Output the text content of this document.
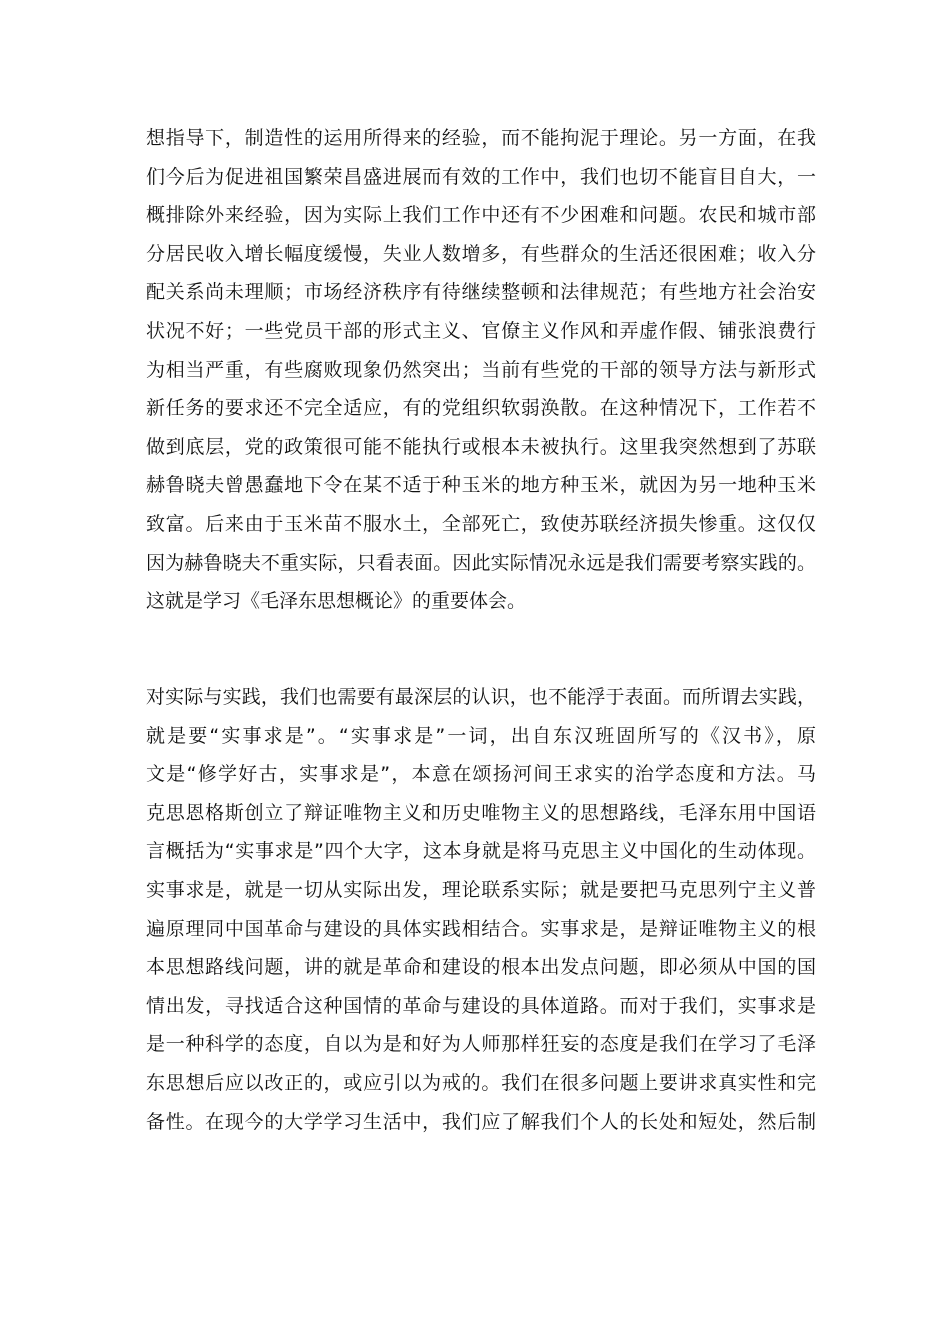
想指导下，制造性的运用所得来的经验，而不能拘泥于理论。另一方面，在我
们今后为促进祖国繁荣昌盛进展而有效的工作中，我们也切不能盲目自大，一
概排除外来经验，因为实际上我们工作中还有不少困难和问题。农民和城市部
分居民收入增长幅度缓慢，失业人数增多，有些群众的生活还很困难；收入分
配关系尚未理顺；市场经济秩序有待继续整顿和法律规范；有些地方社会治安
状况不好；一些党员干部的形式主义、官僚主义作风和弄虚作假、铺张浪费行
为相当严重，有些腐败现象仍然突出；当前有些党的干部的领导方法与新形式
新任务的要求还不完全适应，有的党组织软弱涣散。在这种情况下，工作若不
做到底层，党的政策很可能不能执行或根本未被执行。这里我突然想到了苏联
赫鲁晓夫曾愚蠢地下令在某不适于种玉米的地方种玉米，就因为另一地种玉米
致富。后来由于玉米苗不服水土，全部死亡，致使苏联经济损失惨重。这仅仅
因为赫鲁晓夫不重实际，只看表面。因此实际情况永远是我们需要考察实践的。
这就是学习《毛泽东思想概论》的重要体会。
对实际与实践，我们也需要有最深层的认识，也不能浮于表面。而所谓去实践，
就是要“实事求是”。“实事求是”一词，出自东汉班固所写的《汉书》，原
文是“修学好古，实事求是”，本意在颂扬河间王求实的治学态度和方法。马
克思恩格斯创立了辩证唯物主义和历史唯物主义的思想路线，毛泽东用中国语
言概括为“实事求是”四个大字，这本身就是将马克思主义中国化的生动体现。
实事求是，就是一切从实际出发，理论联系实际；就是要把马克思列宁主义普
遍原理同中国革命与建设的具体实践相结合。实事求是，是辩证唯物主义的根
本思想路线问题，讲的就是革命和建设的根本出发点问题，即必须从中国的国
情出发，寻找适合这种国情的革命与建设的具体道路。而对于我们，实事求是
是一种科学的态度，自以为是和好为人师那样狂妄的态度是我们在学习了毛泽
东思想后应以改正的，或应引以为戒的。我们在很多问题上要讲求真实性和完
备性。在现今的大学学习生活中，我们应了解我们个人的长处和短处，然后制
